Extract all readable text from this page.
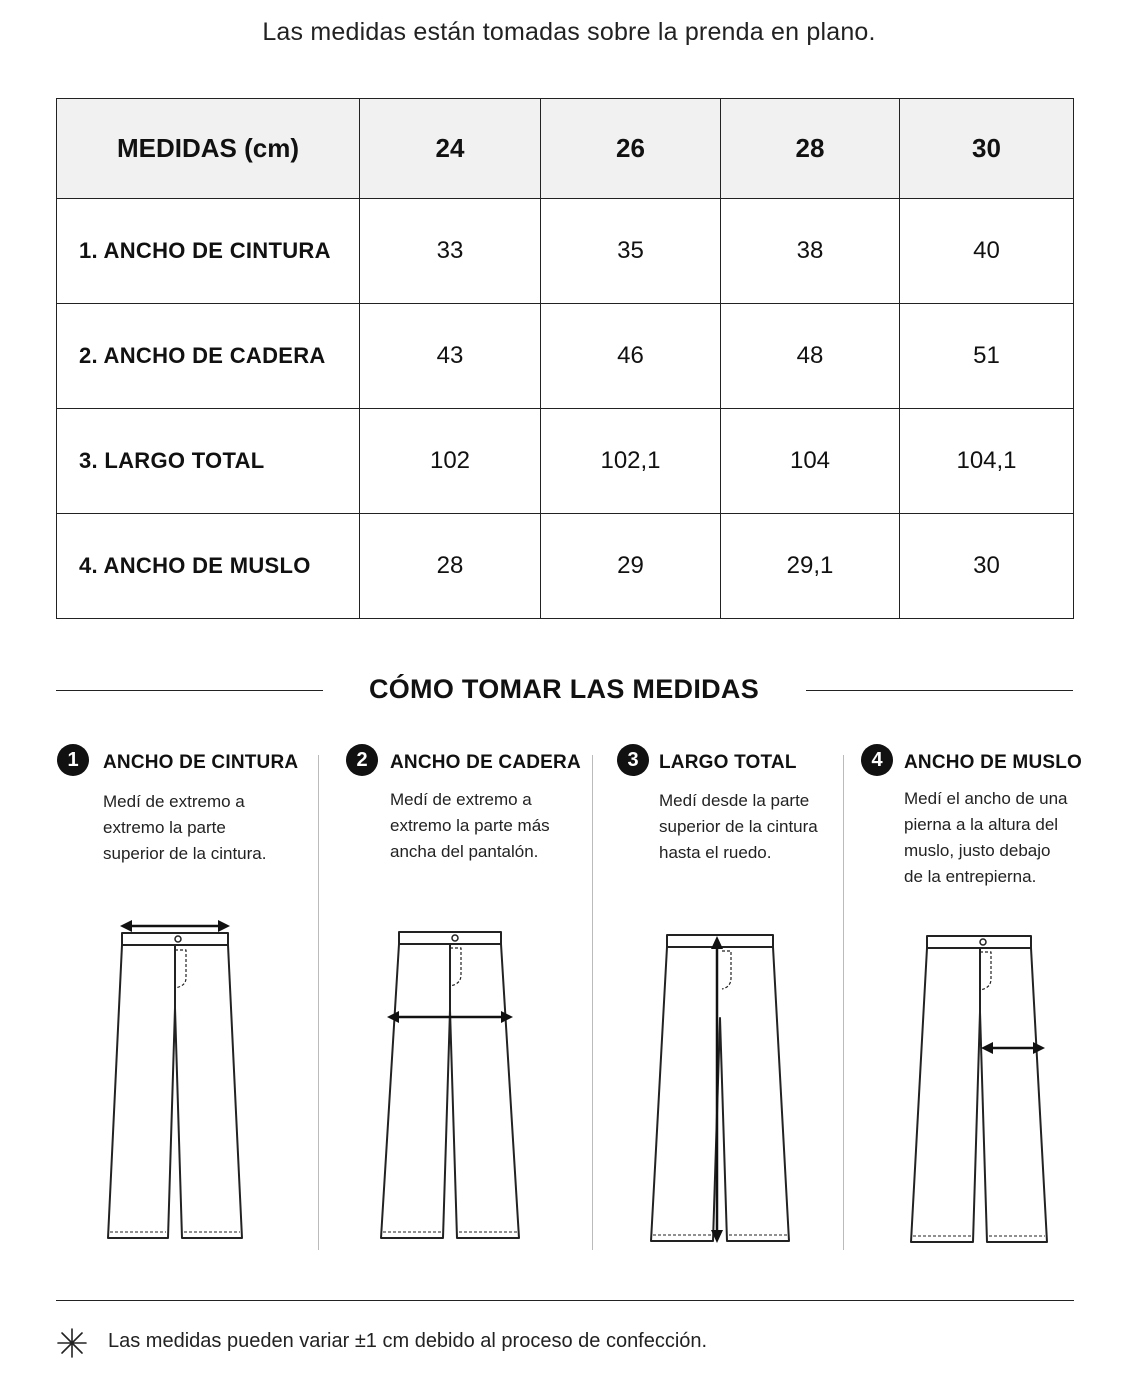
Las medidas están tomadas sobre la prenda en plano.
MEDIDAS (cm)	24	26	28	30
1. ANCHO DE CINTURA	33	35	38	40
2. ANCHO DE CADERA	43	46	48	51
3. LARGO TOTAL	102	102,1	104	104,1
4. ANCHO DE MUSLO	28	29	29,1	30
CÓMO TOMAR LAS MEDIDAS
1	ANCHO DE CINTURA
Medí de extremo a
extremo la parte
superior de la cintura.
2	ANCHO DE CADERA
Medí de extremo a
extremo la parte más
ancha del pantalón.
3	LARGO TOTAL
Medí desde la parte
superior de la cintura
hasta el ruedo.
4	ANCHO DE MUSLO
Medí el ancho de una
pierna a la altura del
muslo, justo debajo
de la entrepierna.
Las medidas pueden variar ±1 cm debido al proceso de confección.
